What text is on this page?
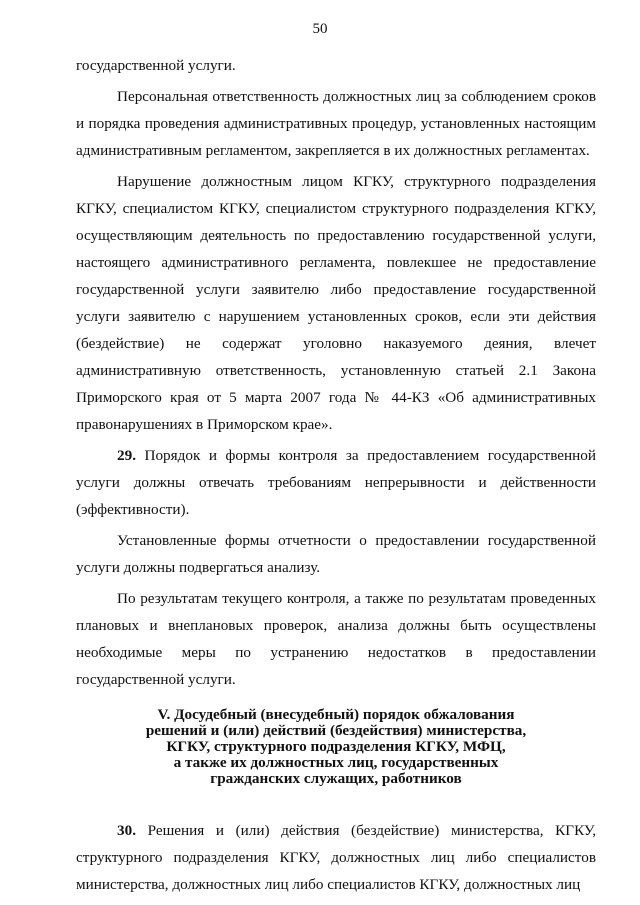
50

государственной услуги.

Персональная ответственность должностных лиц за соблюдением сроков и порядка проведения административных процедур, установленных настоящим административным регламентом, закрепляется в их должностных регламентах.

Нарушение должностным лицом КГКУ, структурного подразделения КГКУ, специалистом КГКУ, специалистом структурного подразделения КГКУ, осуществляющим деятельность по предоставлению государственной услуги, настоящего административного регламента, повлекшее не предоставление государственной услуги заявителю либо предоставление государственной услуги заявителю с нарушением установленных сроков, если эти действия (бездействие) не содержат уголовно наказуемого деяния, влечет административную ответственность, установленную статьей 2.1 Закона Приморского края от 5 марта 2007 года № 44-КЗ «Об административных правонарушениях в Приморском крае».

29. Порядок и формы контроля за предоставлением государственной услуги должны отвечать требованиям непрерывности и действенности (эффективности).

Установленные формы отчетности о предоставлении государственной услуги должны подвергаться анализу.

По результатам текущего контроля, а также по результатам проведенных плановых и внеплановых проверок, анализа должны быть осуществлены необходимые меры по устранению недостатков в предоставлении государственной услуги.

V. Досудебный (внесудебный) порядок обжалования
решений и (или) действий (бездействия) министерства,
КГКУ, структурного подразделения КГКУ, МФЦ,
а также их должностных лиц, государственных
гражданских служащих, работников

30. Решения и (или) действия (бездействие) министерства, КГКУ, структурного подразделения КГКУ, должностных лиц либо специалистов министерства, должностных лиц либо специалистов КГКУ, должностных лиц
